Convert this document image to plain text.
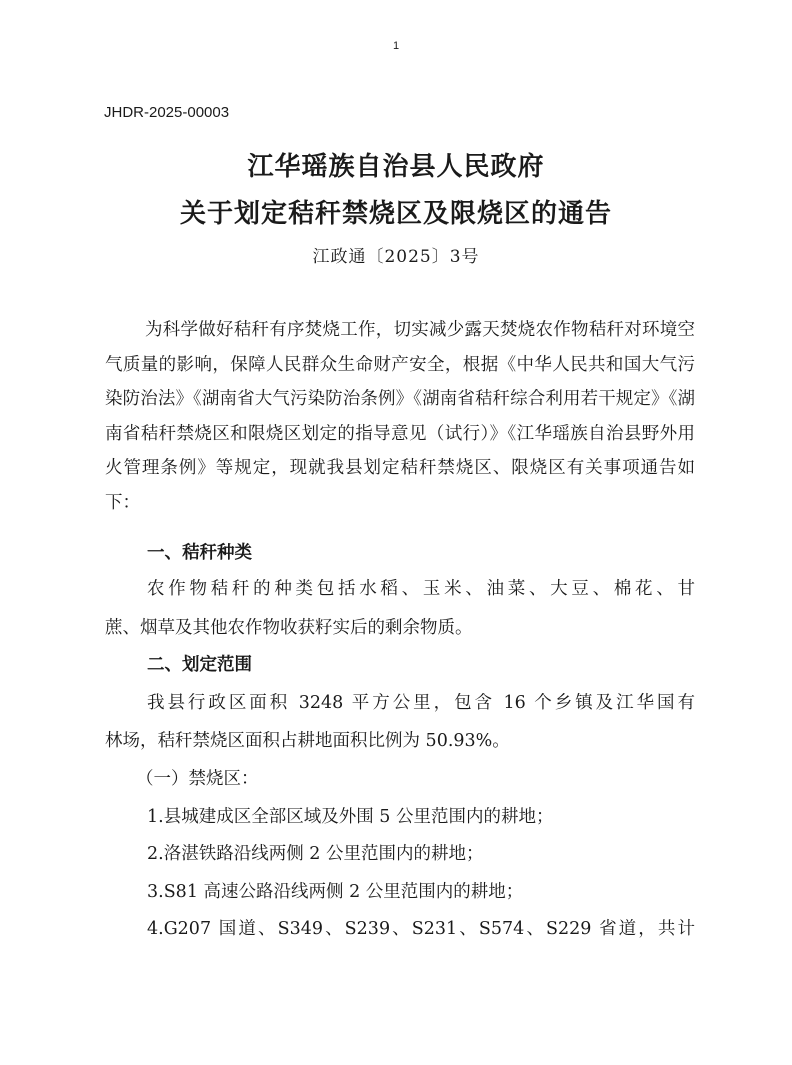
1
JHDR-2025-00003
江华瑶族自治县人民政府
关于划定秸秆禁烧区及限烧区的通告
江政通〔2025〕3号
为科学做好秸秆有序焚烧工作，切实减少露天焚烧农作物秸秆对环境空气质量的影响，保障人民群众生命财产安全，根据《中华人民共和国大气污染防治法》《湖南省大气污染防治条例》《湖南省秸秆综合利用若干规定》《湖南省秸秆禁烧区和限烧区划定的指导意见（试行）》《江华瑶族自治县野外用火管理条例》等规定，现就我县划定秸秆禁烧区、限烧区有关事项通告如下：
一、秸秆种类
农作物秸秆的种类包括水稻、玉米、油菜、大豆、棉花、甘
蔗、烟草及其他农作物收获籽实后的剩余物质。
二、划定范围
我县行政区面积 3248 平方公里，包含 16 个乡镇及江华国有
林场，秸秆禁烧区面积占耕地面积比例为 50.93%。
（一）禁烧区：
1.县城建成区全部区域及外围 5 公里范围内的耕地；
2.洛湛铁路沿线两侧 2 公里范围内的耕地；
3.S81 高速公路沿线两侧 2 公里范围内的耕地；
4.G207 国道、S349、S239、S231、S574、S229 省道，共计
